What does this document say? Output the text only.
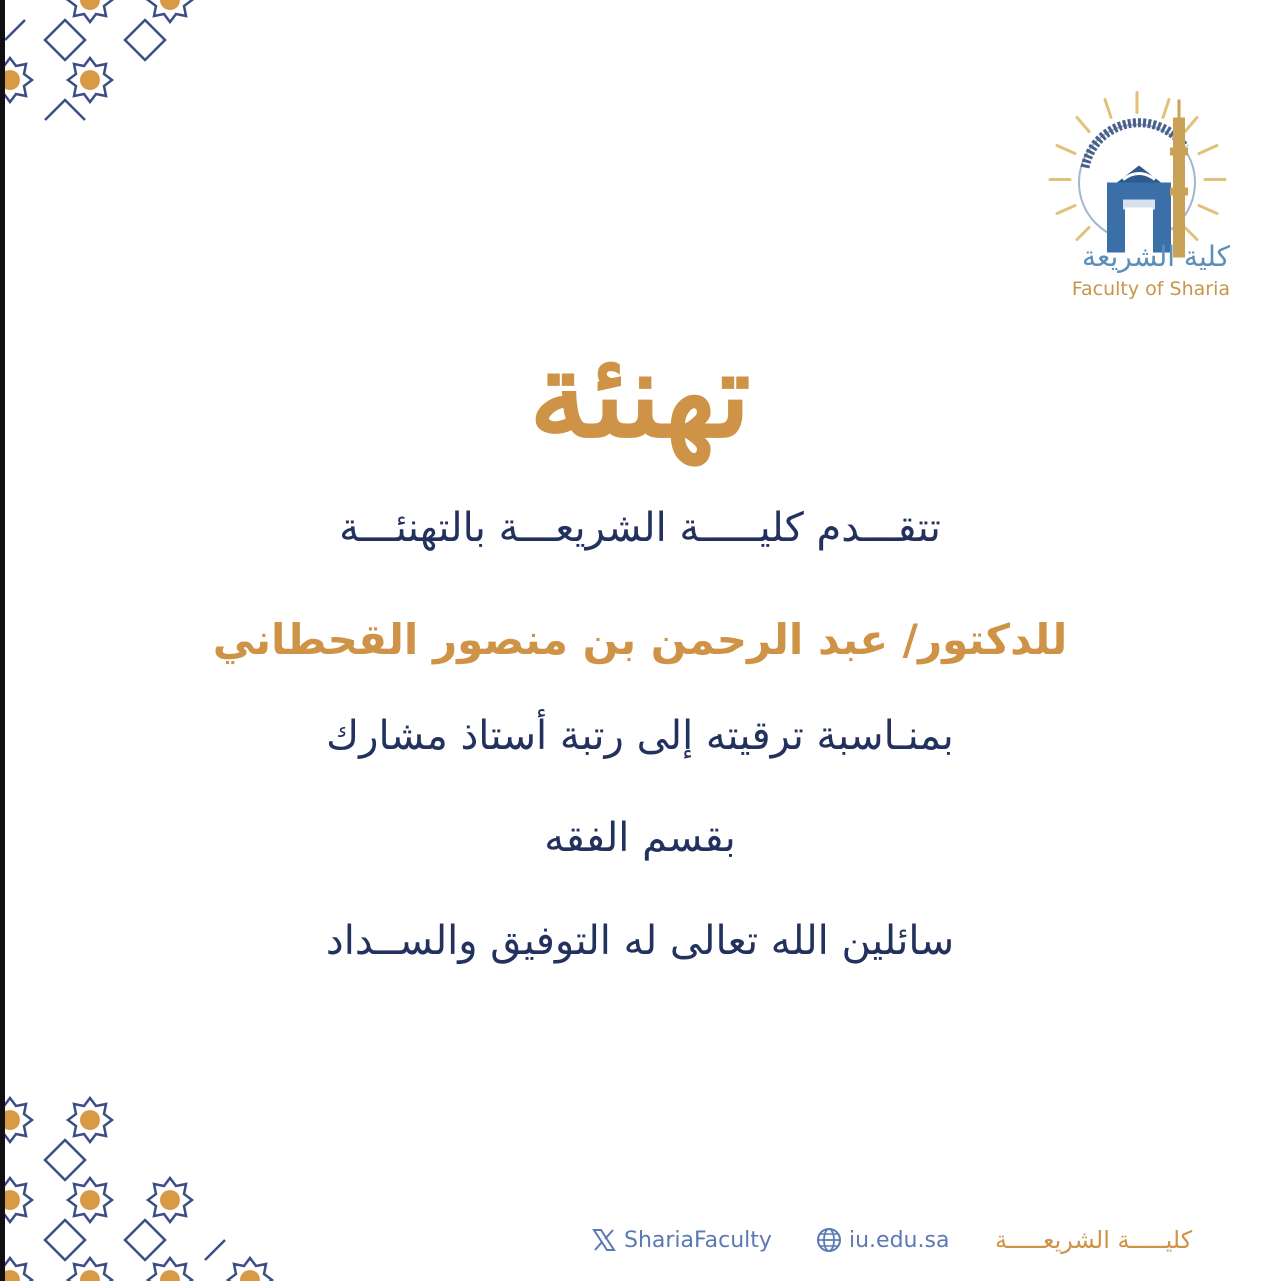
كلية الشريعة
Faculty of Sharia
تهنئة
تتقـــدم كليـــــة الشريعـــة بالتهنئـــة
للدكتور/ عبد الرحمن بن منصور القحطاني
بمنـاسبة ترقيته إلى رتبة أستاذ مشارك
بقسم الفقه
سائلين الله تعالى له التوفيق والســداد
ShariaFaculty	iu.edu.sa كليـــــة الشريعـــــة
